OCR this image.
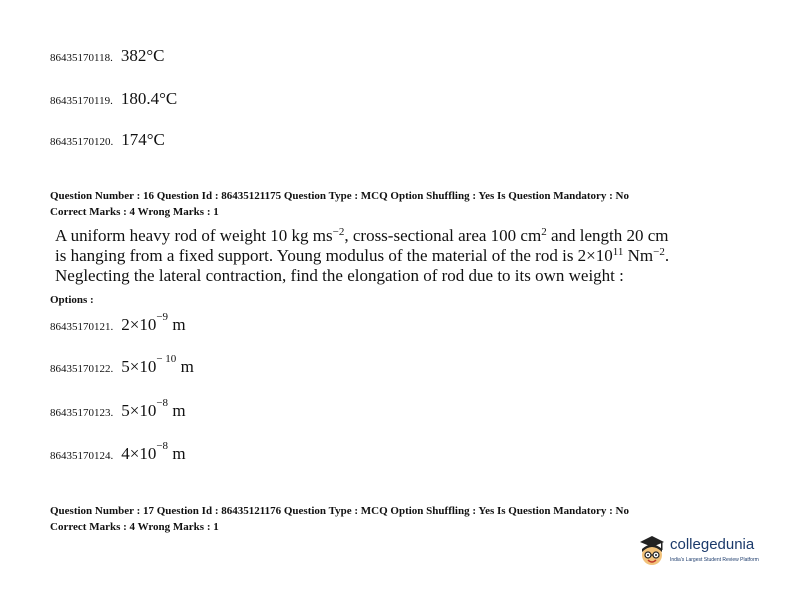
86435170118. 382°C
86435170119. 180.4°C
86435170120. 174°C
Question Number : 16 Question Id : 86435121175 Question Type : MCQ Option Shuffling : Yes Is Question Mandatory : No
Correct Marks : 4 Wrong Marks : 1
A uniform heavy rod of weight 10 kg $ms^{-2}$, cross-sectional area 100 $cm^2$ and length 20 cm
is hanging from a fixed support. Young modulus of the material of the rod is $2\times 10^{11}$ $Nm^{-2}$.
Neglecting the lateral contraction, find the elongation of rod due to its own weight :
Options :
86435170121. $2\times 10^{-9}$ m
86435170122. $5\times 10^{- 10}$ m
86435170123. $5\times 10^{-8}$ m
86435170124. $4\times 10^{-8}$ m
Question Number : 17 Question Id : 86435121176 Question Type : MCQ Option Shuffling : Yes Is Question Mandatory : No
Correct Marks : 4 Wrong Marks : 1
collegedunia
India's Largest Student Review Platform
